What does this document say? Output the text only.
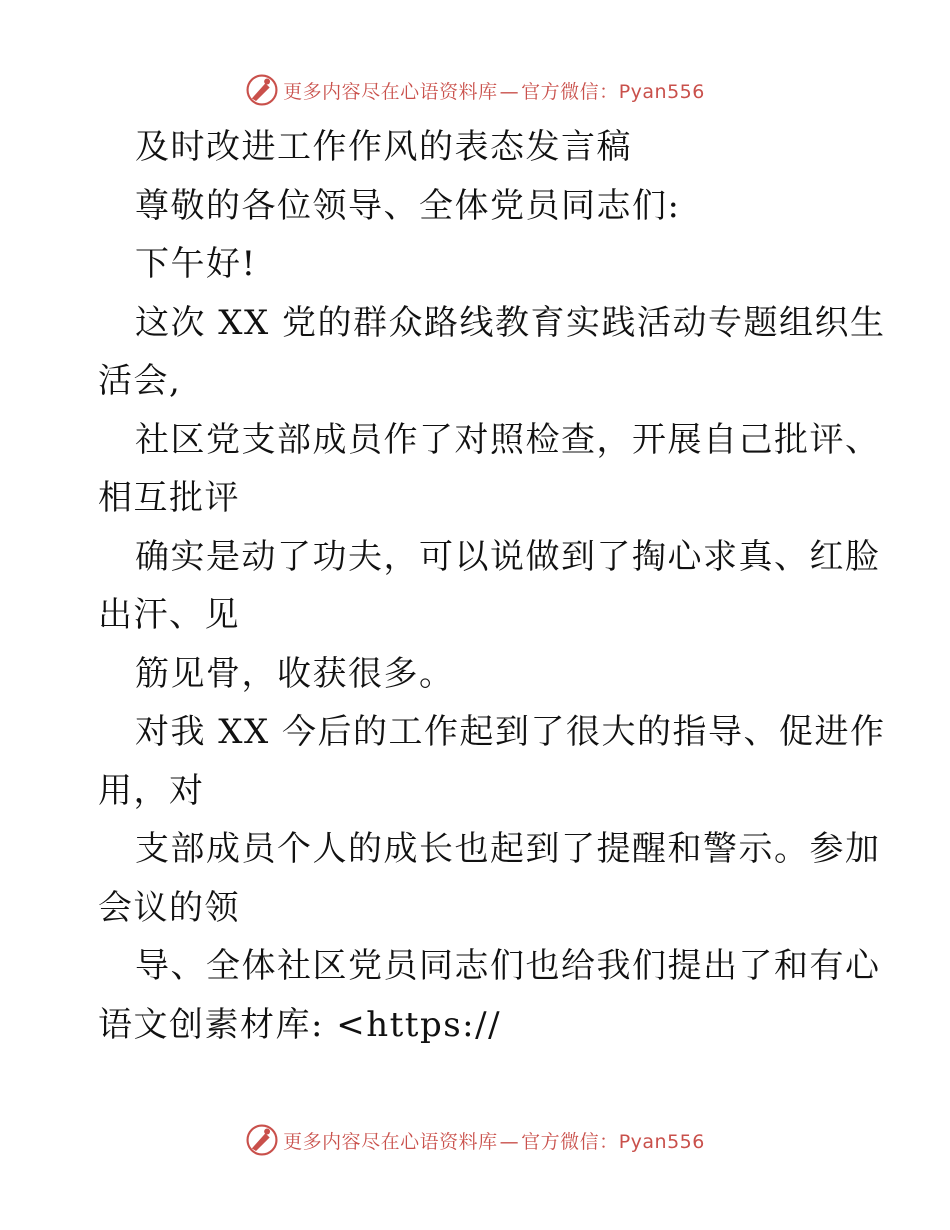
更多内容尽在心语资料库 — 官方微信：Pyan556
及时改进工作作风的表态发言稿
尊敬的各位领导、全体党员同志们:
下午好!
这次 XX 党的群众路线教育实践活动专题组织生
活会,
社区党支部成员作了对照检查，开展自己批评、
相互批评
确实是动了功夫，可以说做到了掏心求真、红脸
出汗、见
筋见骨，收获很多。
对我 XX 今后的工作起到了很大的指导、促进作
用，对
支部成员个人的成长也起到了提醒和警示。参加
会议的领
导、全体社区党员同志们也给我们提出了和有心
语文创素材库: <https://
更多内容尽在心语资料库 — 官方微信：Pyan556
